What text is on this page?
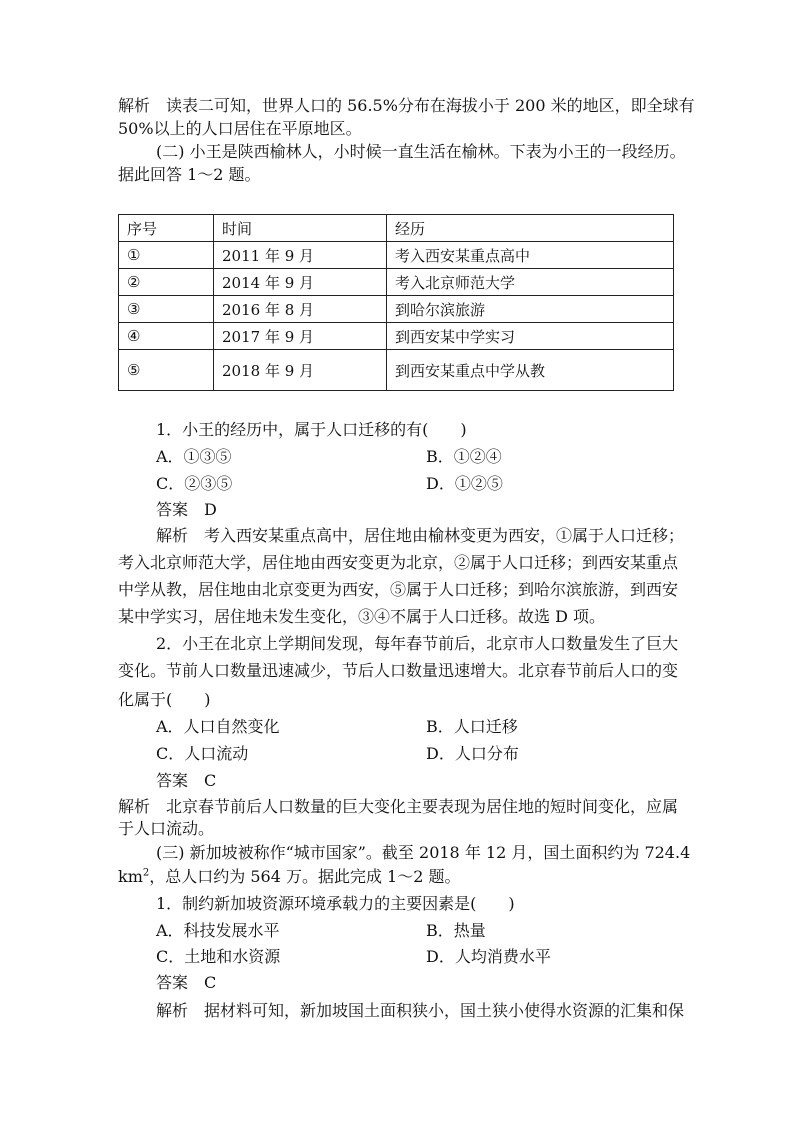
解析　读表二可知，世界人口的 56.5%分布在海拔小于 200 米的地区，即全球有
50%以上的人口居住在平原地区。
(二) 小王是陕西榆林人，小时候一直生活在榆林。下表为小王的一段经历。
据此回答 1～2 题。
序号	时间	经历
①	2011 年 9 月	考入西安某重点高中
②	2014 年 9 月	考入北京师范大学
③	2016 年 8 月	到哈尔滨旅游
④	2017 年 9 月	到西安某中学实习
⑤	2018 年 9 月	到西安某重点中学从教
1．小王的经历中，属于人口迁移的有(　　)
A．①③⑤	B．①②④
C．②③⑤	D．①②⑤
答案　D
解析　考入西安某重点高中，居住地由榆林变更为西安，①属于人口迁移；
考入北京师范大学，居住地由西安变更为北京，②属于人口迁移；到西安某重点
中学从教，居住地由北京变更为西安，⑤属于人口迁移；到哈尔滨旅游，到西安
某中学实习，居住地未发生变化，③④不属于人口迁移。故选 D 项。
2．小王在北京上学期间发现，每年春节前后，北京市人口数量发生了巨大
变化。节前人口数量迅速减少，节后人口数量迅速增大。北京春节前后人口的变
化属于(　　)
A．人口自然变化	B．人口迁移
C．人口流动	D．人口分布
答案　C
解析　北京春节前后人口数量的巨大变化主要表现为居住地的短时间变化，应属
于人口流动。
(三) 新加坡被称作“城市国家”。截至 2018 年 12 月，国土面积约为 724.4
$km^2$，总人口约为 564 万。据此完成 1～2 题。
1．制约新加坡资源环境承载力的主要因素是(　　)
A．科技发展水平	B．热量
C．土地和水资源	D．人均消费水平
答案　C
解析　据材料可知，新加坡国土面积狭小，国土狭小使得水资源的汇集和保
